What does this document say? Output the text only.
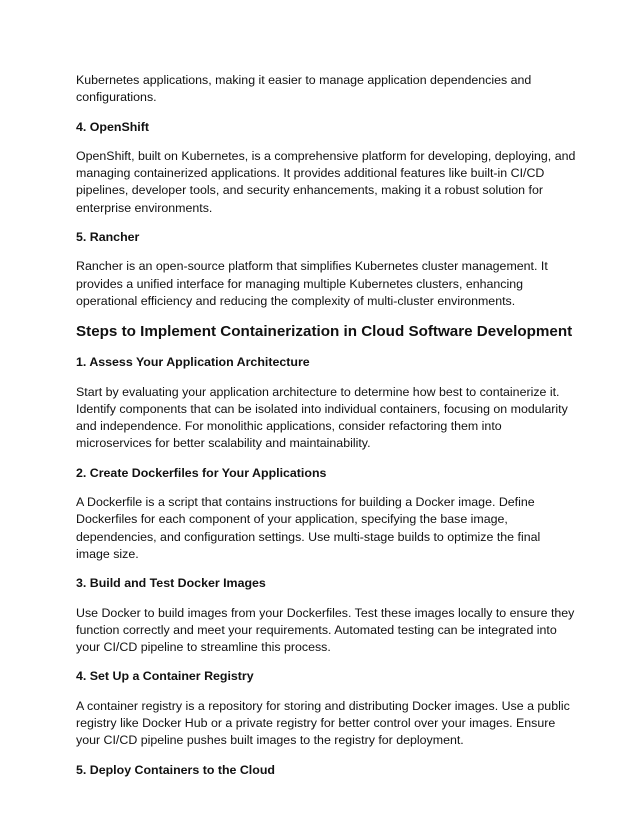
Kubernetes applications, making it easier to manage application dependencies and configurations.

4. OpenShift

OpenShift, built on Kubernetes, is a comprehensive platform for developing, deploying, and managing containerized applications. It provides additional features like built-in CI/CD pipelines, developer tools, and security enhancements, making it a robust solution for enterprise environments.

5. Rancher

Rancher is an open-source platform that simplifies Kubernetes cluster management. It provides a unified interface for managing multiple Kubernetes clusters, enhancing operational efficiency and reducing the complexity of multi-cluster environments.

Steps to Implement Containerization in Cloud Software Development

1. Assess Your Application Architecture

Start by evaluating your application architecture to determine how best to containerize it. Identify components that can be isolated into individual containers, focusing on modularity and independence. For monolithic applications, consider refactoring them into microservices for better scalability and maintainability.

2. Create Dockerfiles for Your Applications

A Dockerfile is a script that contains instructions for building a Docker image. Define Dockerfiles for each component of your application, specifying the base image, dependencies, and configuration settings. Use multi-stage builds to optimize the final image size.

3. Build and Test Docker Images

Use Docker to build images from your Dockerfiles. Test these images locally to ensure they function correctly and meet your requirements. Automated testing can be integrated into your CI/CD pipeline to streamline this process.

4. Set Up a Container Registry

A container registry is a repository for storing and distributing Docker images. Use a public registry like Docker Hub or a private registry for better control over your images. Ensure your CI/CD pipeline pushes built images to the registry for deployment.

5. Deploy Containers to the Cloud
